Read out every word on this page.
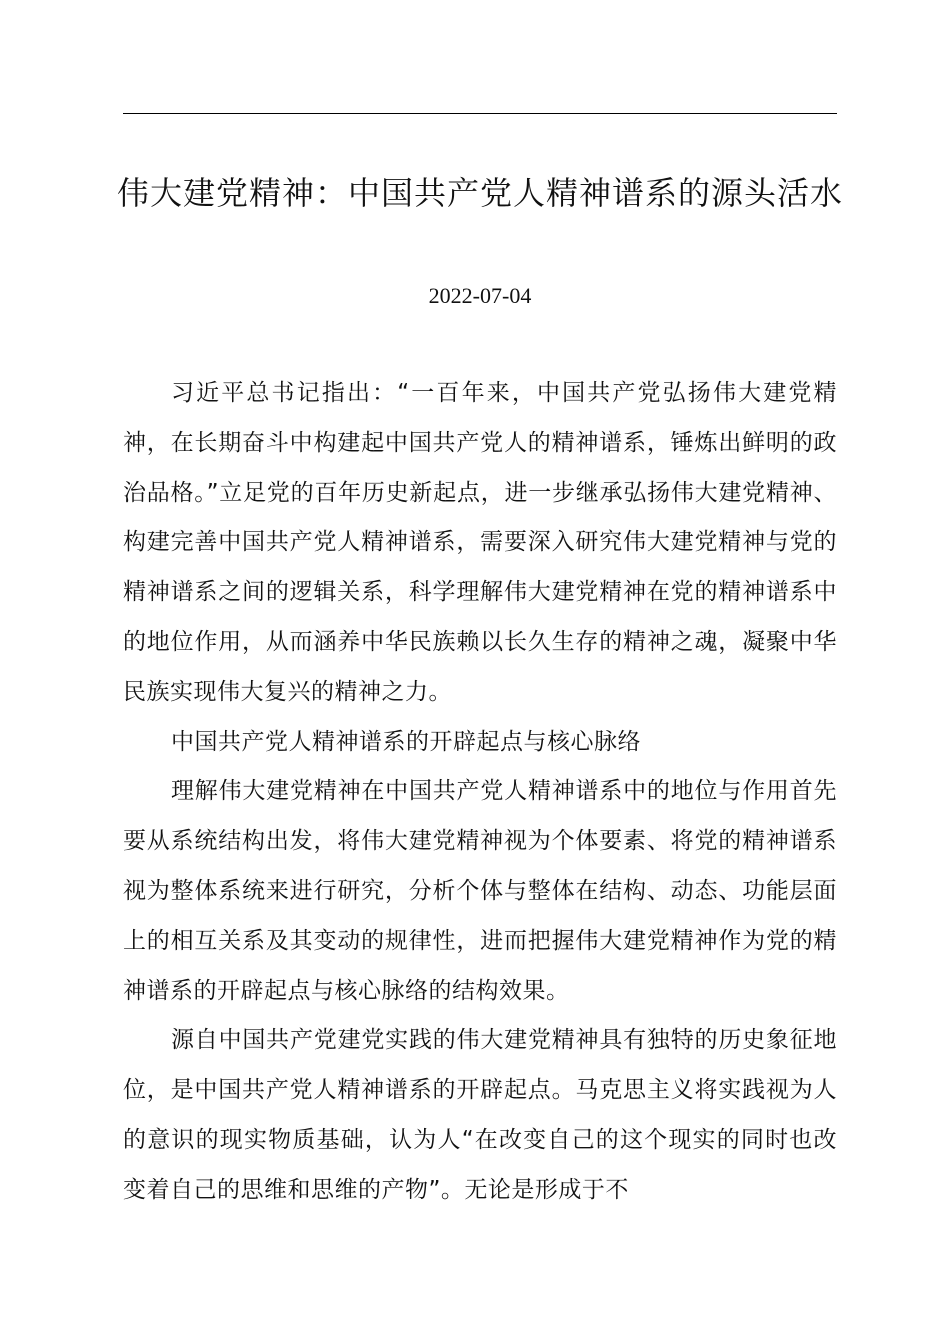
伟大建党精神：中国共产党人精神谱系的源头活水
2022-07-04

习近平总书记指出：“一百年来，中国共产党弘扬伟大建党精神，在长期奋斗中构建起中国共产党人的精神谱系，锤炼出鲜明的政治品格。”立足党的百年历史新起点，进一步继承弘扬伟大建党精神、构建完善中国共产党人精神谱系，需要深入研究伟大建党精神与党的精神谱系之间的逻辑关系，科学理解伟大建党精神在党的精神谱系中的地位作用，从而涵养中华民族赖以长久生存的精神之魂，凝聚中华民族实现伟大复兴的精神之力。

中国共产党人精神谱系的开辟起点与核心脉络

理解伟大建党精神在中国共产党人精神谱系中的地位与作用首先要从系统结构出发，将伟大建党精神视为个体要素、将党的精神谱系视为整体系统来进行研究，分析个体与整体在结构、动态、功能层面上的相互关系及其变动的规律性，进而把握伟大建党精神作为党的精神谱系的开辟起点与核心脉络的结构效果。

源自中国共产党建党实践的伟大建党精神具有独特的历史象征地位，是中国共产党人精神谱系的开辟起点。马克思主义将实践视为人的意识的现实物质基础，认为人“在改变自己的这个现实的同时也改变着自己的思维和思维的产物”。无论是形成于不
